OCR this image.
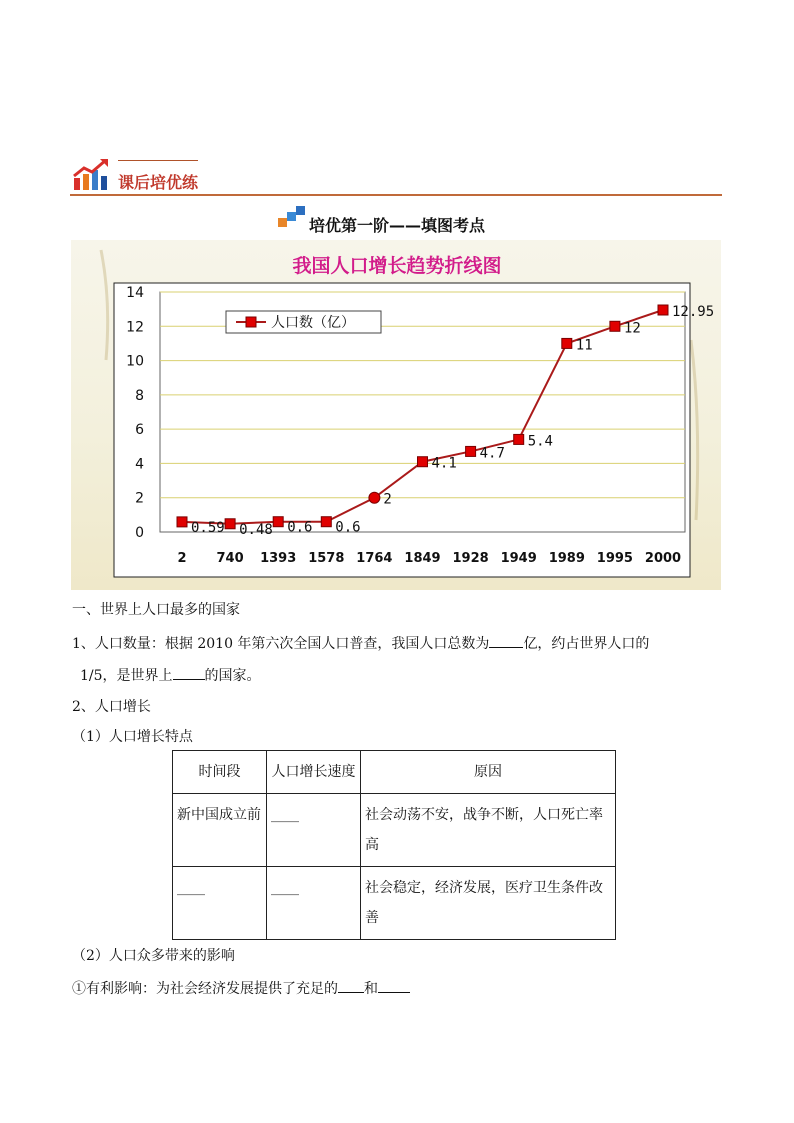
课后培优练
培优第一阶——填图考点
我国人口增长趋势折线图
0
2
4
6
8
10
12
14
2 740 1393 1578 1764 1849 1928 1949 1989 1995 2000
0.59 0.48 0.6 0.6
2
4.1
4.7
5.4
11
12
12.95
人口数（亿）
一、世界上人口最多的国家
1、人口数量：根据 2010 年第六次全国人口普查，我国人口总数为 亿，约占世界人口的
1/5，是世界上 的国家。
2、人口增长
（1）人口增长特点
时间段	人口增长速度	原因
新中国成立前	____	社会动荡不安，战争不断，人口死亡率高
____	____	社会稳定，经济发展，医疗卫生条件改善
（2）人口众多带来的影响
①有利影响：为社会经济发展提供了充足的 和
